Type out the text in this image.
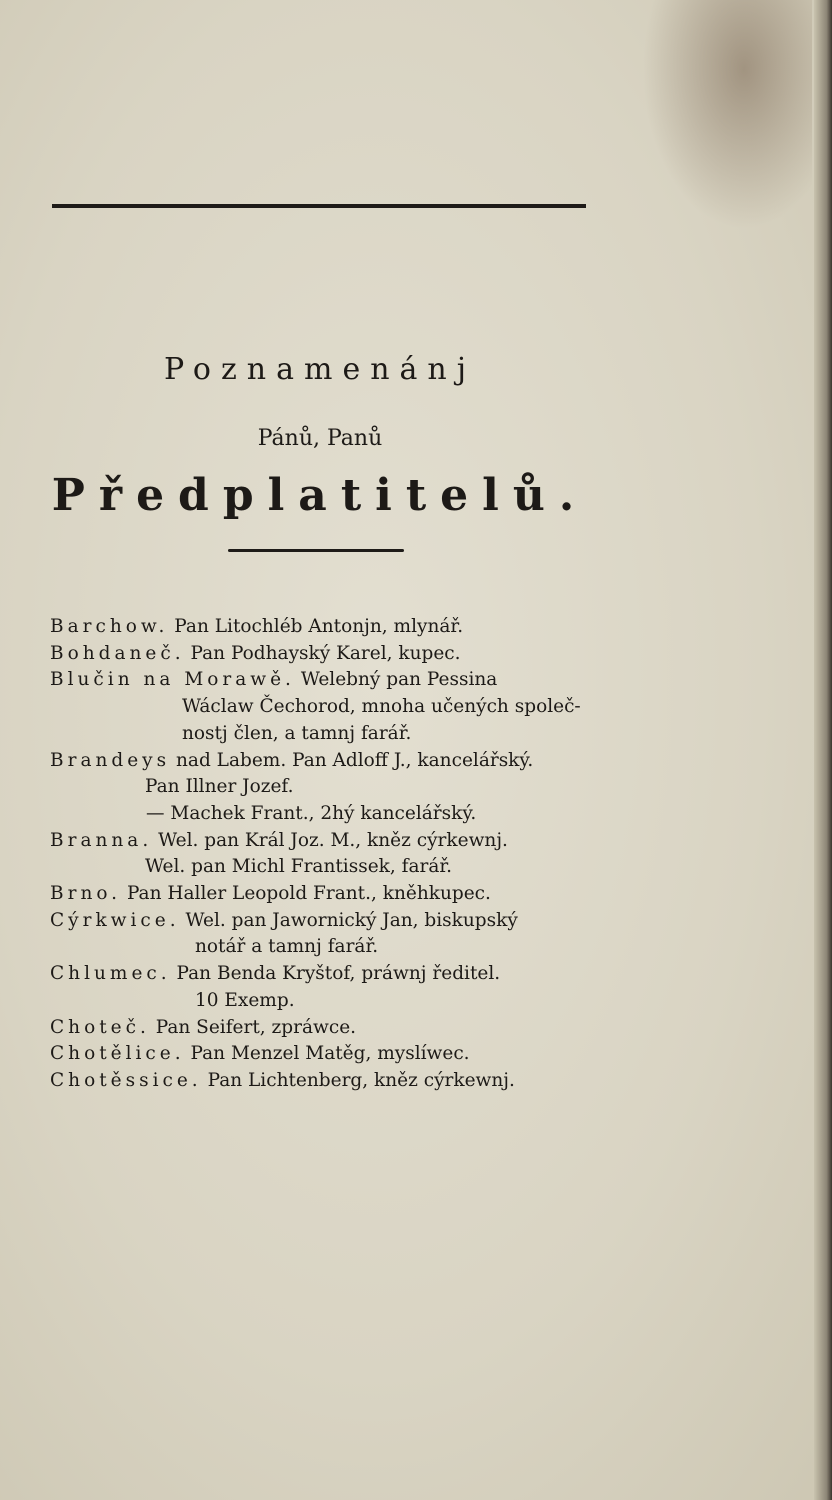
Poznamenánj
Pánů, Panů
Předplatitelů.
Barchow. Pan Litochléb Antonjn, mlynář.
Bohdaneč. Pan Podhayský Karel, kupec.
Blučin na Morawě. Welebný pan Pessina
Wáclaw Čechorod, mnoha učených společ-
nostj člen, a tamnj farář.
Brandeys nad Labem. Pan Adloff J., kancelářský.
Pan Illner Jozef.
— Machek Frant., 2hý kancelářský.
Branna. Wel. pan Král Joz. M., kněz cýrkewnj.
Wel. pan Michl Frantissek, farář.
Brno. Pan Haller Leopold Frant., kněhkupec.
Cýrkwice. Wel. pan Jawornický Jan, biskupský
notář a tamnj farář.
Chlumec. Pan Benda Kryštof, práwnj ředitel.
10 Exemp.
Choteč. Pan Seifert, zpráwce.
Chotělice. Pan Menzel Matěg, myslíwec.
Chotěssice. Pan Lichtenberg, kněz cýrkewnj.
